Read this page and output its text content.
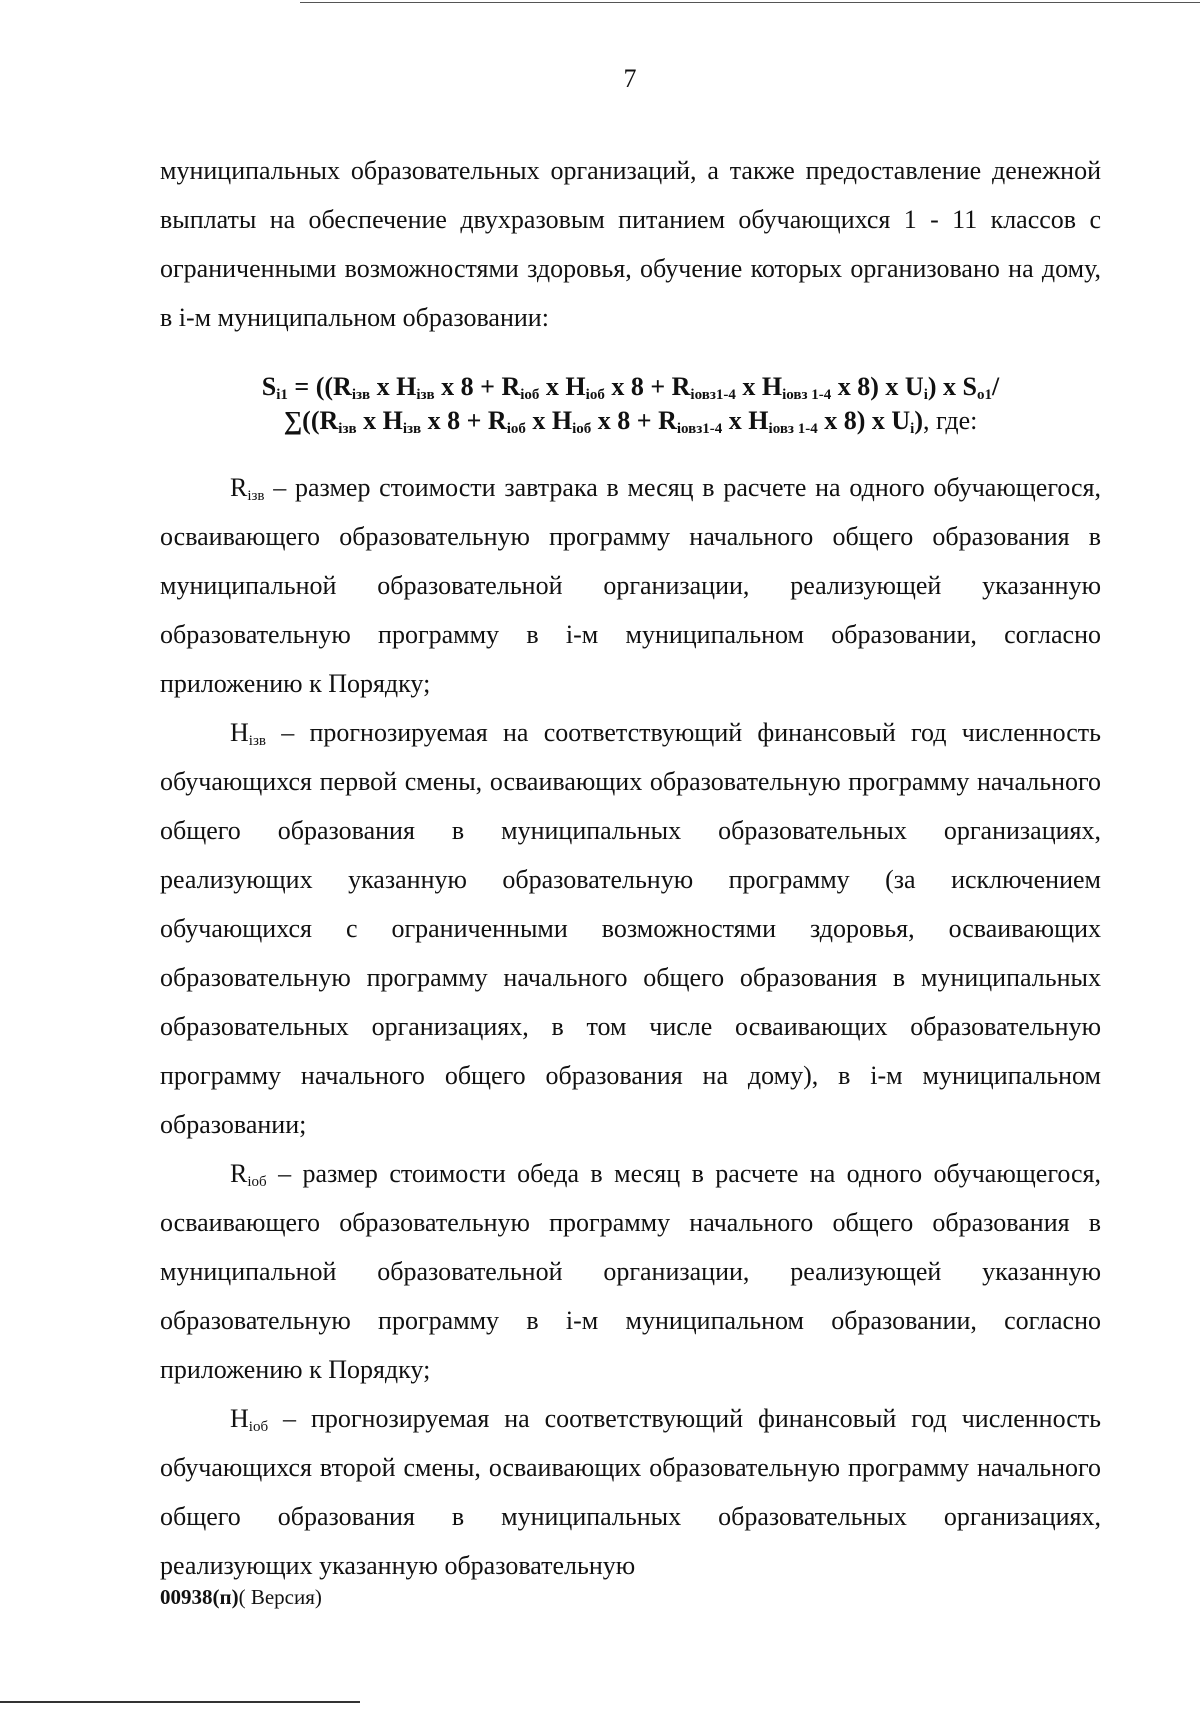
7

муниципальных образовательных организаций, а также предоставление денежной выплаты на обеспечение двухразовым питанием обучающихся 1 - 11 классов с ограниченными возможностями здоровья, обучение которых организовано на дому, в i-м муниципальном образовании:

$S_{i1} = ((R_{iзв}$ x $H_{iзв}$ x $8 + R_{iоб}$ x $H_{iоб}$ x $8 + R_{iовз1-4}$ x $H_{iовз 1-4}$ x 8) x $U_i$) x $S_{o1}/$
$\sum((R_{iзв}$ x $H_{iзв}$ x $8 + R_{iоб}$ x $H_{iоб}$ x $8 + R_{iовз1-4}$ x $H_{iовз 1-4}$ x 8) x $U_i$), где:

$R_{iзв}$ – размер стоимости завтрака в месяц в расчете на одного обучающегося, осваивающего образовательную программу начального общего образования в муниципальной образовательной организации, реализующей указанную образовательную программу в i-м муниципальном образовании, согласно приложению к Порядку;

$H_{iзв}$ – прогнозируемая на соответствующий финансовый год численность обучающихся первой смены, осваивающих образовательную программу начального общего образования в муниципальных образовательных организациях, реализующих указанную образовательную программу (за исключением обучающихся с ограниченными возможностями здоровья, осваивающих образовательную программу начального общего образования в муниципальных образовательных организациях, в том числе осваивающих образовательную программу начального общего образования на дому), в i-м муниципальном образовании;

$R_{iоб}$ – размер стоимости обеда в месяц в расчете на одного обучающегося, осваивающего образовательную программу начального общего образования в муниципальной образовательной организации, реализующей указанную образовательную программу в i-м муниципальном образовании, согласно приложению к Порядку;

$H_{iоб}$ – прогнозируемая на соответствующий финансовый год численность обучающихся второй смены, осваивающих образовательную программу начального общего образования в муниципальных образовательных организациях, реализующих указанную образовательную

00938(п)( Версия)
